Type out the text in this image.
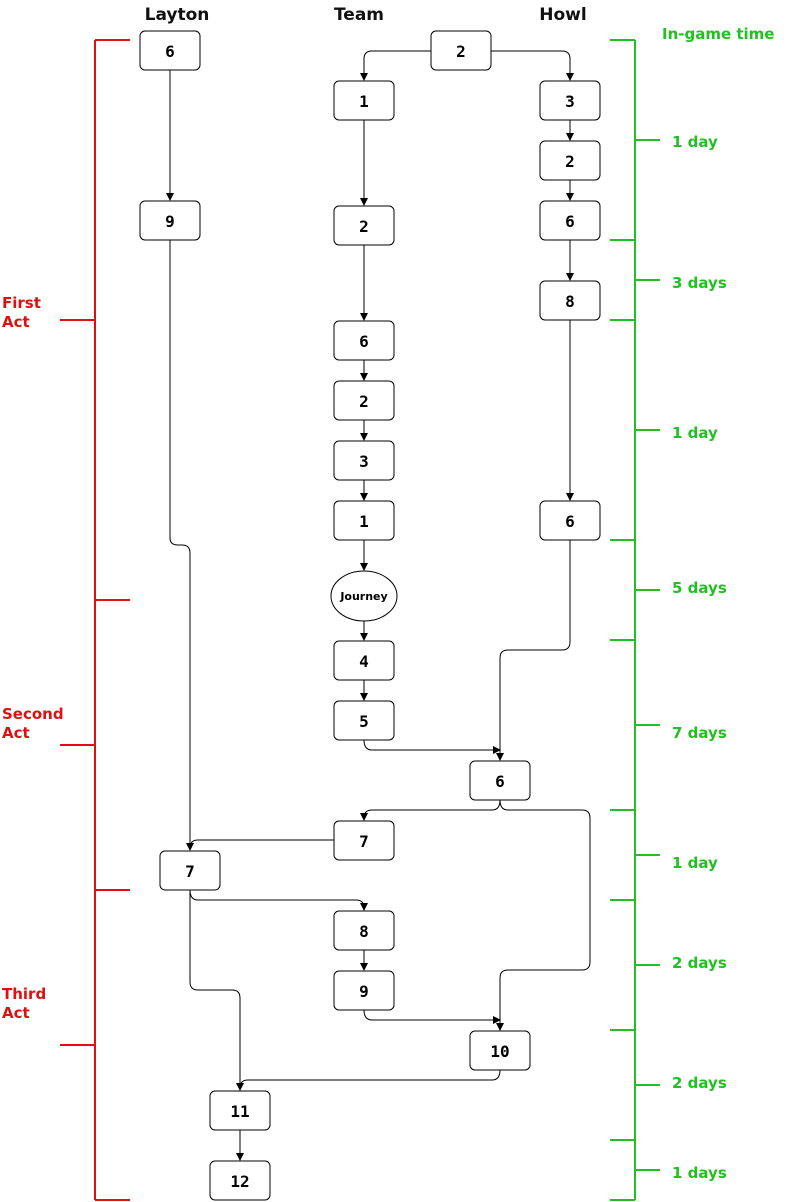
Layton	Team	Howl
In-game time
First
Act
Second
Act
Third
Act
1 day
3 days
1 day
5 days
7 days
1 day
2 days
2 days
1 days
6
9
7
11
12
2
1
2
6
2
3
1
Journey
4
5
7
8
9
3
2
6
8
6
6
10
